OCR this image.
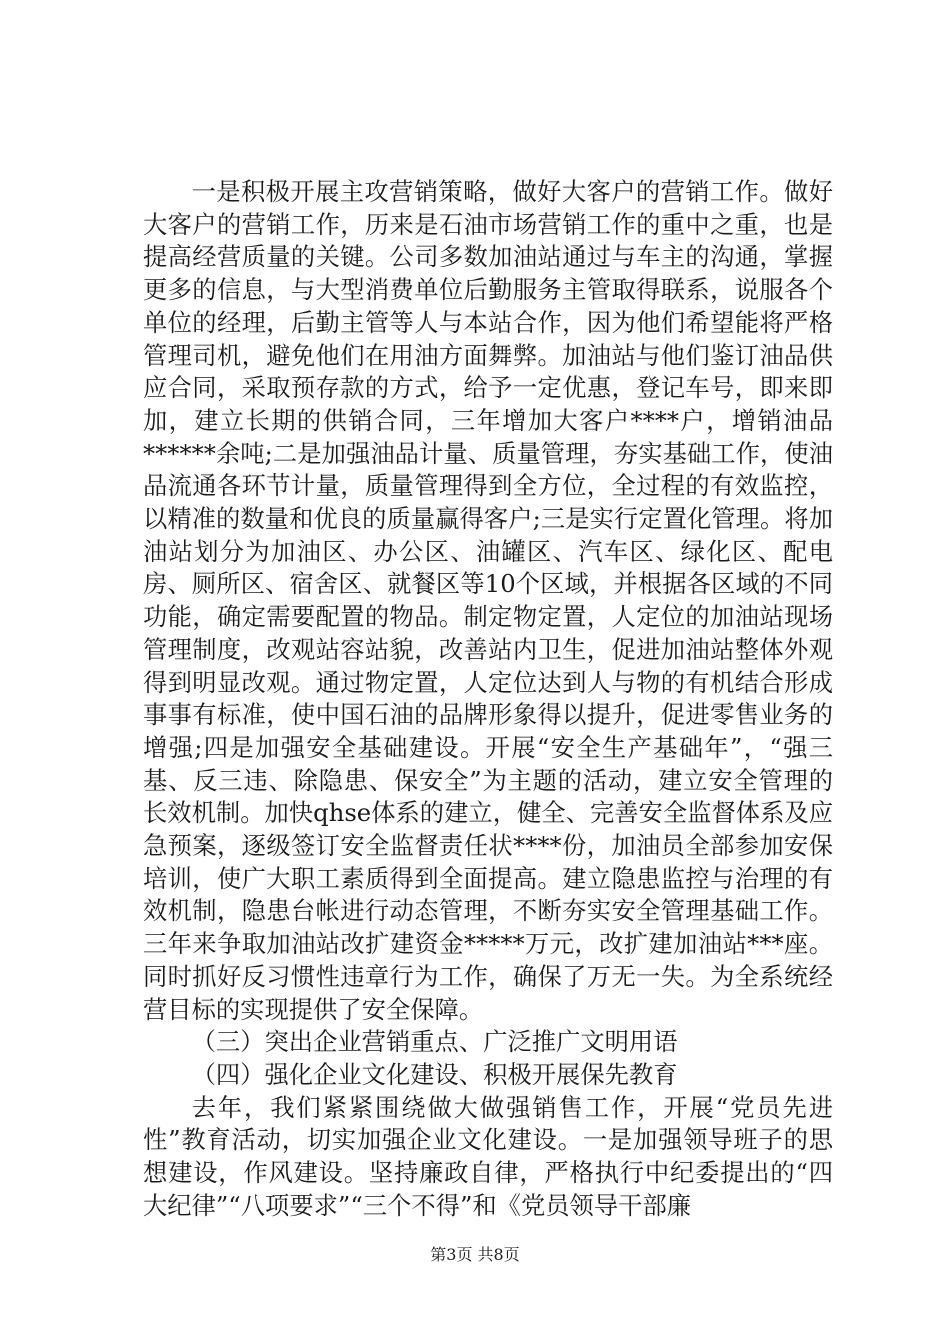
一是积极开展主攻营销策略，做好大客户的营销工作。做好大客户的营销工作，历来是石油市场营销工作的重中之重，也是提高经营质量的关键。公司多数加油站通过与车主的沟通，掌握更多的信息，与大型消费单位后勤服务主管取得联系，说服各个单位的经理，后勤主管等人与本站合作，因为他们希望能将严格管理司机，避免他们在用油方面舞弊。加油站与他们鉴订油品供应合同，采取预存款的方式，给予一定优惠，登记车号，即来即加，建立长期的供销合同，三年增加大客户****户，增销油品******余吨;二是加强油品计量、质量管理，夯实基础工作，使油品流通各环节计量，质量管理得到全方位，全过程的有效监控，以精准的数量和优良的质量赢得客户;三是实行定置化管理。将加油站划分为加油区、办公区、油罐区、汽车区、绿化区、配电房、厕所区、宿舍区、就餐区等10个区域，并根据各区域的不同功能，确定需要配置的物品。制定物定置，人定位的加油站现场管理制度，改观站容站貌，改善站内卫生，促进加油站整体外观得到明显改观。通过物定置，人定位达到人与物的有机结合形成事事有标准，使中国石油的品牌形象得以提升，促进零售业务的增强;四是加强安全基础建设。开展“安全生产基础年”，“强三基、反三违、除隐患、保安全”为主题的活动，建立安全管理的长效机制。加快qhse体系的建立，健全、完善安全监督体系及应急预案，逐级签订安全监督责任状****份，加油员全部参加安保培训，使广大职工素质得到全面提高。建立隐患监控与治理的有效机制，隐患台帐进行动态管理，不断夯实安全管理基础工作。三年来争取加油站改扩建资金*****万元，改扩建加油站***座。同时抓好反习惯性违章行为工作，确保了万无一失。为全系统经营目标的实现提供了安全保障。

（三）突出企业营销重点、广泛推广文明用语

（四）强化企业文化建设、积极开展保先教育

去年，我们紧紧围绕做大做强销售工作，开展“党员先进性”教育活动，切实加强企业文化建设。一是加强领导班子的思想建设，作风建设。坚持廉政自律，严格执行中纪委提出的“四大纪律”“八项要求”“三个不得”和《党员领导干部廉

第3页 共8页
